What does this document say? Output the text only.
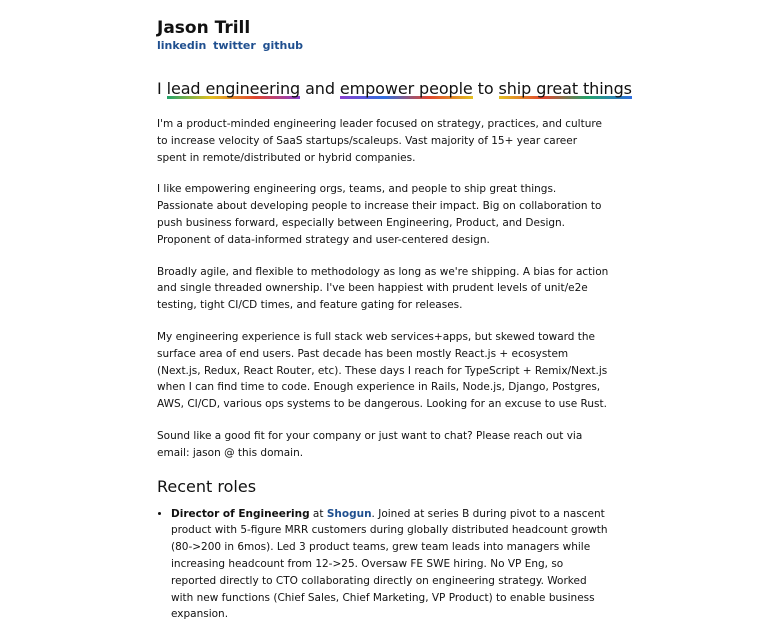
Jason Trill
linkedin twitter github
I lead engineering and empower people to ship great things

I'm a product-minded engineering leader focused on strategy, practices, and culture to increase velocity of SaaS startups/scaleups. Vast majority of 15+ year career spent in remote/distributed or hybrid companies.

I like empowering engineering orgs, teams, and people to ship great things. Passionate about developing people to increase their impact. Big on collaboration to push business forward, especially between Engineering, Product, and Design. Proponent of data-informed strategy and user-centered design.

Broadly agile, and flexible to methodology as long as we're shipping. A bias for action and single threaded ownership. I've been happiest with prudent levels of unit/e2e testing, tight CI/CD times, and feature gating for releases.

My engineering experience is full stack web services+apps, but skewed toward the surface area of end users. Past decade has been mostly React.js + ecosystem (Next.js, Redux, React Router, etc). These days I reach for TypeScript + Remix/Next.js when I can find time to code. Enough experience in Rails, Node.js, Django, Postgres, AWS, CI/CD, various ops systems to be dangerous. Looking for an excuse to use Rust.

Sound like a good fit for your company or just want to chat? Please reach out via email: jason @ this domain.

Recent roles
• Director of Engineering at Shogun. Joined at series B during pivot to a nascent product with 5-figure MRR customers during globally distributed headcount growth (80->200 in 6mos). Led 3 product teams, grew team leads into managers while increasing headcount from 12->25. Oversaw FE SWE hiring. No VP Eng, so reported directly to CTO collaborating directly on engineering strategy. Worked with new functions (Chief Sales, Chief Marketing, VP Product) to enable business expansion.
